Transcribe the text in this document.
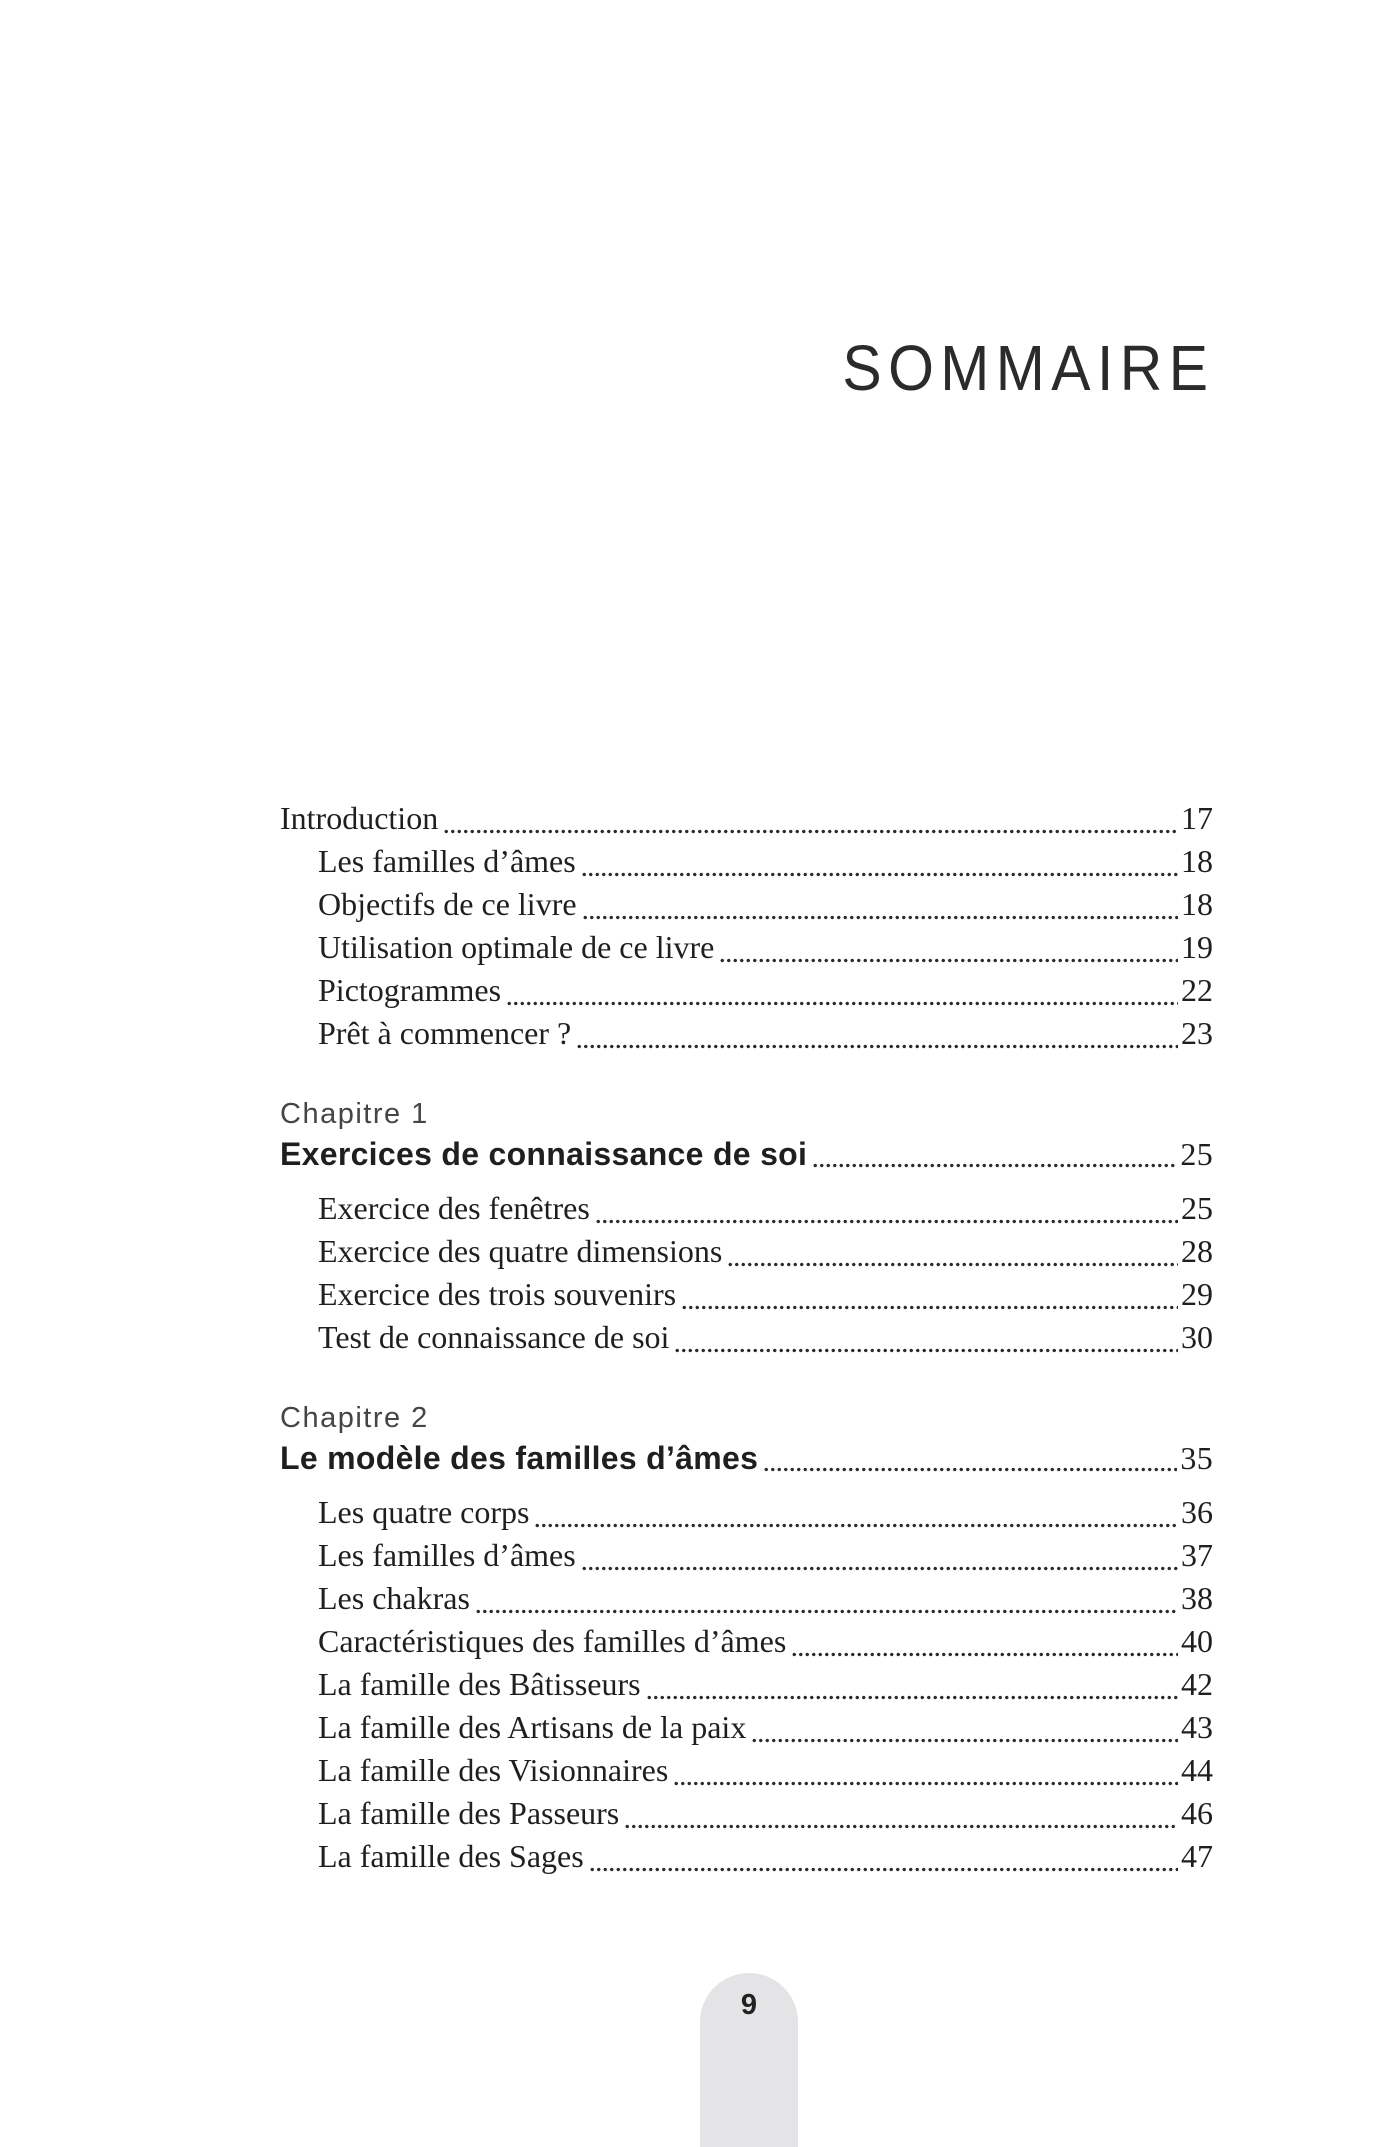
SOMMAIRE
Introduction	17
Les familles d’âmes	18
Objectifs de ce livre	18
Utilisation optimale de ce livre	19
Pictogrammes	22
Prêt à commencer ?	23
Chapitre 1
Exercices de connaissance de soi	25
Exercice des fenêtres	25
Exercice des quatre dimensions	28
Exercice des trois souvenirs	29
Test de connaissance de soi	30
Chapitre 2
Le modèle des familles d’âmes	35
Les quatre corps	36
Les familles d’âmes	37
Les chakras	38
Caractéristiques des familles d’âmes	40
La famille des Bâtisseurs	42
La famille des Artisans de la paix	43
La famille des Visionnaires	44
La famille des Passeurs	46
La famille des Sages	47
9
